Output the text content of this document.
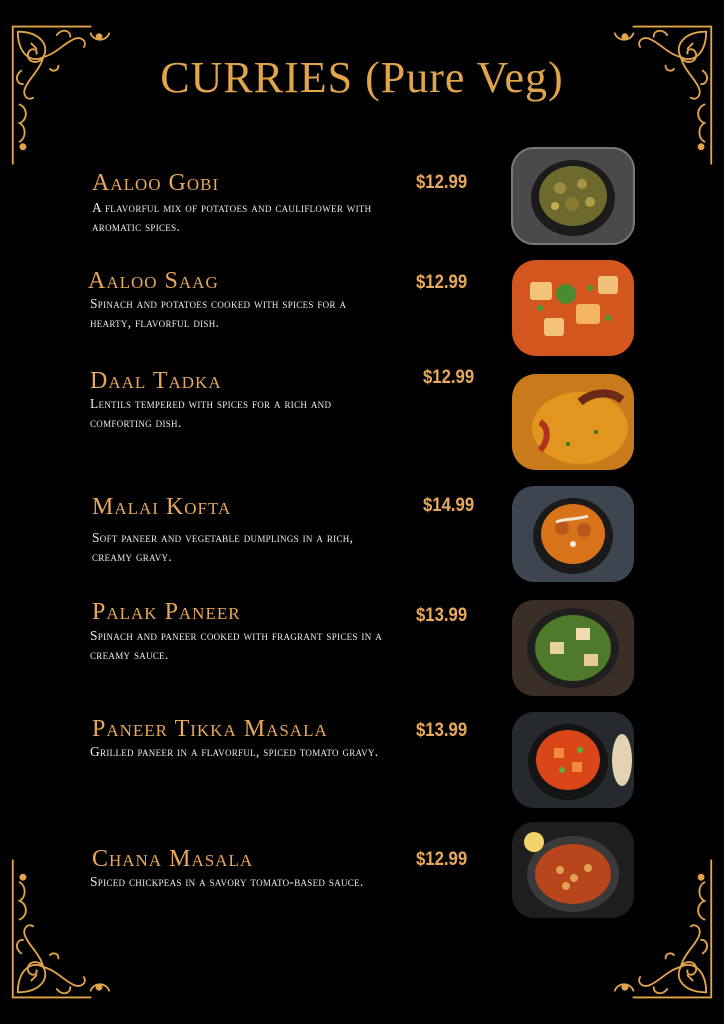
CURRIES (Pure Veg)
Aaloo Gobi
A flavorful mix of potatoes and cauliflower with aromatic spices.
$12.99
Aaloo Saag
Spinach and potatoes cooked with spices for a hearty, flavorful dish.
$12.99
Daal Tadka
Lentils tempered with spices for a rich and comforting dish.
$12.99
Malai Kofta
Soft paneer and vegetable dumplings in a rich, creamy gravy.
$14.99
Palak Paneer
Spinach and paneer cooked with fragrant spices in a creamy sauce.
$13.99
Paneer Tikka Masala
Grilled paneer in a flavorful, spiced tomato gravy.
$13.99
Chana Masala
Spiced chickpeas in a savory tomato-based sauce.
$12.99
